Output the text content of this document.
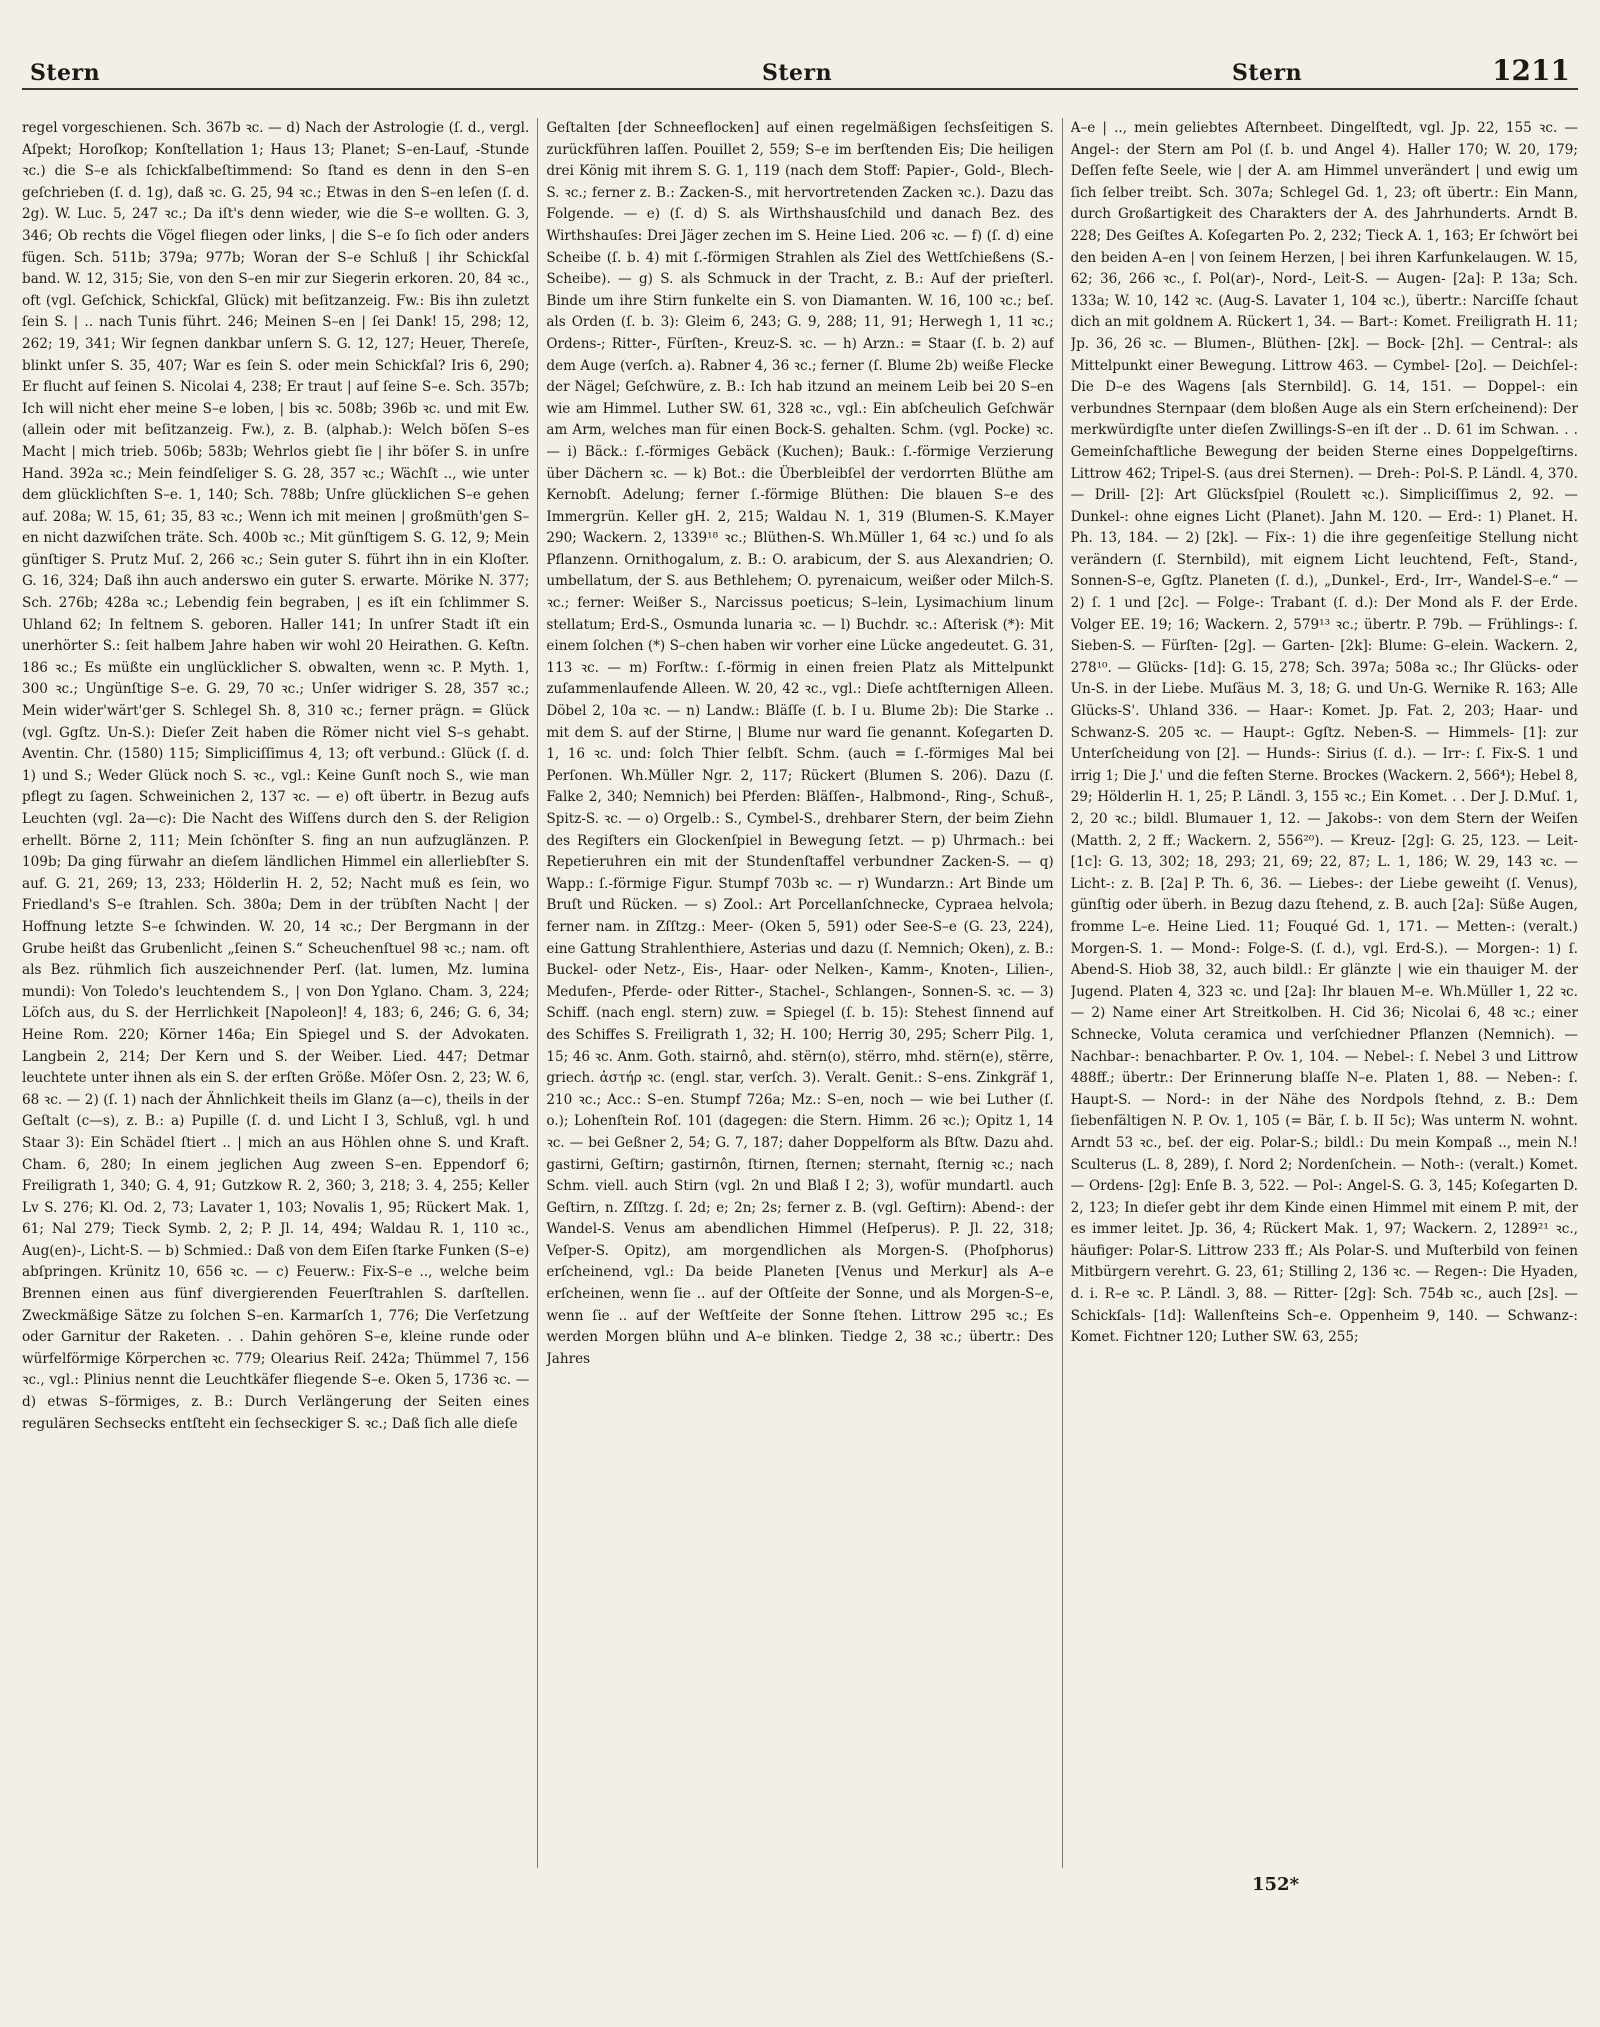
Stern	Stern	Stern	1211

regel vorgeschienen. Sch. 367b ꝛc. — d) Nach der Astrologie (ſ. d., vergl. Aſpekt; Horoſkop; Konſtellation 1; Haus 13; Planet; S–en-Lauf, -Stunde ꝛc.) die S–e als ſchickſalbeſtimmend: So ſtand es denn in den S–en geſchrieben (ſ. d. 1g), daß ꝛc. G. 25, 94 ꝛc.; Etwas in den S–en leſen (ſ. d. 2g). W. Luc. 5, 247 ꝛc.; Da iſt's denn wieder, wie die S–e wollten. G. 3, 346; Ob rechts die Vögel fliegen oder links, | die S–e ſo ſich oder anders fügen. Sch. 511b; 379a; 977b; Woran der S–e Schluß | ihr Schickſal band. W. 12, 315; Sie, von den S–en mir zur Siegerin erkoren. 20, 84 ꝛc., oft (vgl. Geſchick, Schickſal, Glück) mit beſitzanzeig. Fw.: Bis ihn zuletzt ſein S. | .. nach Tunis führt. 246; Meinen S–en | ſei Dank! 15, 298; 12, 262; 19, 341; Wir ſegnen dankbar unſern S. G. 12, 127; Heuer, Thereſe, blinkt unſer S. 35, 407; War es ſein S. oder mein Schickſal? Iris 6, 290; Er flucht auf ſeinen S. Nicolai 4, 238; Er traut | auf ſeine S–e. Sch. 357b; Ich will nicht eher meine S–e loben, | bis ꝛc. 508b; 396b ꝛc. und mit Ew. (allein oder mit beſitzanzeig. Fw.), z. B. (alphab.): Welch böſen S–es Macht | mich trieb. 506b; 583b; Wehrlos giebt ſie | ihr böſer S. in unſre Hand. 392a ꝛc.; Mein feindſeliger S. G. 28, 357 ꝛc.; Wächſt .., wie unter dem glücklichſten S–e. 1, 140; Sch. 788b; Unſre glücklichen S–e gehen auf. 208a; W. 15, 61; 35, 83 ꝛc.; Wenn ich mit meinen | großmüth'gen S–en nicht dazwiſchen träte. Sch. 400b ꝛc.; Mit günſtigem S. G. 12, 9; Mein günſtiger S. Prutz Muſ. 2, 266 ꝛc.; Sein guter S. führt ihn in ein Kloſter. G. 16, 324; Daß ihn auch anderswo ein guter S. erwarte. Mörike N. 377; Sch. 276b; 428a ꝛc.; Lebendig fein begraben, | es iſt ein ſchlimmer S. Uhland 62; In feltnem S. geboren. Haller 141; In unſrer Stadt iſt ein unerhörter S.: ſeit halbem Jahre haben wir wohl 20 Heirathen. G. Keſtn. 186 ꝛc.; Es müßte ein unglücklicher S. obwalten, wenn ꝛc. P. Myth. 1, 300 ꝛc.; Ungünſtige S–e. G. 29, 70 ꝛc.; Unſer widriger S. 28, 357 ꝛc.; Mein wider'wärt'ger S. Schlegel Sh. 8, 310 ꝛc.; ferner prägn. = Glück (vgl. Ggſtz. Un-S.): Dieſer Zeit haben die Römer nicht viel S–s gehabt. Aventin. Chr. (1580) 115; Simpliciſſimus 4, 13; oft verbund.: Glück (ſ. d. 1) und S.; Weder Glück noch S. ꝛc., vgl.: Keine Gunſt noch S., wie man pflegt zu ſagen. Schweinichen 2, 137 ꝛc. — e) oft übertr. in Bezug aufs Leuchten (vgl. 2a—c): Die Nacht des Wiſſens durch den S. der Religion erhellt. Börne 2, 111; Mein ſchönſter S. fing an nun aufzuglänzen. P. 109b; Da ging fürwahr an dieſem ländlichen Himmel ein allerliebſter S. auf. G. 21, 269; 13, 233; Hölderlin H. 2, 52; Nacht muß es ſein, wo Friedland's S–e ſtrahlen. Sch. 380a; Dem in der trübſten Nacht | der Hoffnung letzte S–e ſchwinden. W. 20, 14 ꝛc.; Der Bergmann in der Grube heißt das Grubenlicht „ſeinen S.“ Scheuchenſtuel 98 ꝛc.; nam. oft als Bez. rühmlich ſich auszeichnender Perſ. (lat. lumen, Mz. lumina mundi): Von Toledo's leuchtendem S., | von Don Yglano. Cham. 3, 224; Löſch aus, du S. der Herrlichkeit [Napoleon]! 4, 183; 6, 246; G. 6, 34; Heine Rom. 220; Körner 146a; Ein Spiegel und S. der Advokaten. Langbein 2, 214; Der Kern und S. der Weiber. Lied. 447; Detmar leuchtete unter ihnen als ein S. der erſten Größe. Möſer Osn. 2, 23; W. 6, 68 ꝛc. — 2) (ſ. 1) nach der Ähnlichkeit theils im Glanz (a—c), theils in der Geſtalt (c—s), z. B.: a) Pupille (ſ. d. und Licht I 3, Schluß, vgl. h und Staar 3): Ein Schädel ſtiert .. | mich an aus Höhlen ohne S. und Kraft. Cham. 6, 280; In einem jeglichen Aug zween S–en. Eppendorf 6; Freiligrath 1, 340; G. 4, 91; Gutzkow R. 2, 360; 3, 218; 3. 4, 255; Keller Lv S. 276; Kl. Od. 2, 73; Lavater 1, 103; Novalis 1, 95; Rückert Mak. 1, 61; Nal 279; Tieck Symb. 2, 2; P. Jl. 14, 494; Waldau R. 1, 110 ꝛc., Aug(en)-, Licht-S. — b) Schmied.: Daß von dem Eiſen ſtarke Funken (S–e) abſpringen. Krünitz 10, 656 ꝛc. — c) Feuerw.: Fix-S–e .., welche beim Brennen einen aus fünf divergierenden Feuerſtrahlen S. darſtellen. Zweckmäßige Sätze zu ſolchen S–en. Karmarſch 1, 776; Die Verſetzung oder Garnitur der Raketen. . . Dahin gehören S–e, kleine runde oder würfelförmige Körperchen ꝛc. 779; Olearius Reiſ. 242a; Thümmel 7, 156 ꝛc., vgl.: Plinius nennt die Leuchtkäfer fliegende S–e. Oken 5, 1736 ꝛc. — d) etwas S–förmiges, z. B.: Durch Verlängerung der Seiten eines regulären Sechsecks entſteht ein ſechseckiger S. ꝛc.; Daß ſich alle dieſe

Geſtalten [der Schneeflocken] auf einen regelmäßigen ſechsſeitigen S. zurückführen laſſen. Pouillet 2, 559; S–e im berſtenden Eis; Die heiligen drei König mit ihrem S. G. 1, 119 (nach dem Stoff: Papier-, Gold-, Blech-S. ꝛc.; ferner z. B.: Zacken-S., mit hervortretenden Zacken ꝛc.). Dazu das Folgende. — e) (ſ. d) S. als Wirthshausſchild und danach Bez. des Wirthshauſes: Drei Jäger zechen im S. Heine Lied. 206 ꝛc. — f) (ſ. d) eine Scheibe (ſ. b. 4) mit ſ.-förmigen Strahlen als Ziel des Wettſchießens (S.-Scheibe). — g) S. als Schmuck in der Tracht, z. B.: Auf der prieſterl. Binde um ihre Stirn funkelte ein S. von Diamanten. W. 16, 100 ꝛc.; beſ. als Orden (ſ. b. 3): Gleim 6, 243; G. 9, 288; 11, 91; Herwegh 1, 11 ꝛc.; Ordens-; Ritter-, Fürſten-, Kreuz-S. ꝛc. — h) Arzn.: = Staar (ſ. b. 2) auf dem Auge (verſch. a). Rabner 4, 36 ꝛc.; ferner (ſ. Blume 2b) weiße Flecke der Nägel; Geſchwüre, z. B.: Ich hab itzund an meinem Leib bei 20 S–en wie am Himmel. Luther SW. 61, 328 ꝛc., vgl.: Ein abſcheulich Geſchwär am Arm, welches man für einen Bock-S. gehalten. Schm. (vgl. Pocke) ꝛc. — i) Bäck.: ſ.-förmiges Gebäck (Kuchen); Bauk.: ſ.-förmige Verzierung über Dächern ꝛc. — k) Bot.: die Überbleibſel der verdorrten Blüthe am Kernobſt. Adelung; ferner ſ.-förmige Blüthen: Die blauen S–e des Immergrün. Keller gH. 2, 215; Waldau N. 1, 319 (Blumen-S. K.Mayer 290; Wackern. 2, 1339¹⁸ ꝛc.; Blüthen-S. Wh.Müller 1, 64 ꝛc.) und ſo als Pflanzenn. Ornithogalum, z. B.: O. arabicum, der S. aus Alexandrien; O. umbellatum, der S. aus Bethlehem; O. pyrenaicum, weißer oder Milch-S. ꝛc.; ferner: Weißer S., Narcissus poeticus; S–lein, Lysimachium linum stellatum; Erd-S., Osmunda lunaria ꝛc. — l) Buchdr. ꝛc.: Aſterisk (*): Mit einem ſolchen (*) S–chen haben wir vorher eine Lücke angedeutet. G. 31, 113 ꝛc. — m) Forſtw.: ſ.-förmig in einen freien Platz als Mittelpunkt zuſammenlaufende Alleen. W. 20, 42 ꝛc., vgl.: Dieſe achtſternigen Alleen. Döbel 2, 10a ꝛc. — n) Landw.: Bläſſe (ſ. b. I u. Blume 2b): Die Starke .. mit dem S. auf der Stirne, | Blume nur ward ſie genannt. Koſegarten D. 1, 16 ꝛc. und: ſolch Thier ſelbſt. Schm. (auch = ſ.-förmiges Mal bei Perſonen. Wh.Müller Ngr. 2, 117; Rückert (Blumen S. 206). Dazu (ſ. Falke 2, 340; Nemnich) bei Pferden: Bläſſen-, Halbmond-, Ring-, Schuß-, Spitz-S. ꝛc. — o) Orgelb.: S., Cymbel-S., drehbarer Stern, der beim Ziehn des Regiſters ein Glockenſpiel in Bewegung ſetzt. — p) Uhrmach.: bei Repetieruhren ein mit der Stundenſtaffel verbundner Zacken-S. — q) Wapp.: ſ.-förmige Figur. Stumpf 703b ꝛc. — r) Wundarzn.: Art Binde um Bruſt und Rücken. — s) Zool.: Art Porcellanſchnecke, Cypraea helvola; ferner nam. in Zſſtzg.: Meer- (Oken 5, 591) oder See-S–e (G. 23, 224), eine Gattung Strahlenthiere, Asterias und dazu (ſ. Nemnich; Oken), z. B.: Buckel- oder Netz-, Eis-, Haar- oder Nelken-, Kamm-, Knoten-, Lilien-, Medufen-, Pferde- oder Ritter-, Stachel-, Schlangen-, Sonnen-S. ꝛc. — 3) Schiff. (nach engl. stern) zuw. = Spiegel (ſ. b. 15): Stehest ſinnend auf des Schiffes S. Freiligrath 1, 32; H. 100; Herrig 30, 295; Scherr Pilg. 1, 15; 46 ꝛc. Anm. Goth. stairnô, ahd. stërn(o), stërro, mhd. stërn(e), stërre, griech. ἀστήρ ꝛc. (engl. star, verſch. 3). Veralt. Genit.: S–ens. Zinkgräf 1, 210 ꝛc.; Acc.: S–en. Stumpf 726a; Mz.: S–en, noch — wie bei Luther (ſ. o.); Lohenſtein Roſ. 101 (dagegen: die Stern. Himm. 26 ꝛc.); Opitz 1, 14 ꝛc. — bei Geßner 2, 54; G. 7, 187; daher Doppelform als Bſtw. Dazu ahd. gastirni, Geſtirn; gastirnôn, ſtirnen, ſternen; sternaht, ſternig ꝛc.; nach Schm. viell. auch Stirn (vgl. 2n und Blaß I 2; 3), wofür mundartl. auch Geſtirn, n. Zſſtzg. ſ. 2d; e; 2n; 2s; ferner z. B. (vgl. Geſtirn): Abend-: der Wandel-S. Venus am abendlichen Himmel (Heſperus). P. Jl. 22, 318; Veſper-S. Opitz), am morgendlichen als Morgen-S. (Phoſphorus) erſcheinend, vgl.: Da beide Planeten [Venus und Merkur] als A–e erſcheinen, wenn ſie .. auf der Oſtſeite der Sonne, und als Morgen-S–e, wenn ſie .. auf der Weſtſeite der Sonne ſtehen. Littrow 295 ꝛc.; Es werden Morgen blühn und A–e blinken. Tiedge 2, 38 ꝛc.; übertr.: Des Jahres

A–e | .., mein geliebtes Aſternbeet. Dingelſtedt, vgl. Jp. 22, 155 ꝛc. — Angel-: der Stern am Pol (ſ. b. und Angel 4). Haller 170; W. 20, 179; Deſſen feſte Seele, wie | der A. am Himmel unverändert | und ewig um ſich ſelber treibt. Sch. 307a; Schlegel Gd. 1, 23; oft übertr.: Ein Mann, durch Großartigkeit des Charakters der A. des Jahrhunderts. Arndt B. 228; Des Geiſtes A. Koſegarten Po. 2, 232; Tieck A. 1, 163; Er ſchwört bei den beiden A–en | von ſeinem Herzen, | bei ihren Karfunkelaugen. W. 15, 62; 36, 266 ꝛc., ſ. Pol(ar)-, Nord-, Leit-S. — Augen- [2a]: P. 13a; Sch. 133a; W. 10, 142 ꝛc. (Aug-S. Lavater 1, 104 ꝛc.), übertr.: Narciſſe ſchaut dich an mit goldnem A. Rückert 1, 34. — Bart-: Komet. Freiligrath H. 11; Jp. 36, 26 ꝛc. — Blumen-, Blüthen- [2k]. — Bock- [2h]. — Central-: als Mittelpunkt einer Bewegung. Littrow 463. — Cymbel- [2o]. — Deichſel-: Die D–e des Wagens [als Sternbild]. G. 14, 151. — Doppel-: ein verbundnes Sternpaar (dem bloßen Auge als ein Stern erſcheinend): Der merkwürdigſte unter dieſen Zwillings-S–en iſt der .. D. 61 im Schwan. . . Gemeinſchaftliche Bewegung der beiden Sterne eines Doppelgeſtirns. Littrow 462; Tripel-S. (aus drei Sternen). — Dreh-: Pol-S. P. Ländl. 4, 370. — Drill- [2]: Art Glücksſpiel (Roulett ꝛc.). Simpliciſſimus 2, 92. — Dunkel-: ohne eignes Licht (Planet). Jahn M. 120. — Erd-: 1) Planet. H. Ph. 13, 184. — 2) [2k]. — Fix-: 1) die ihre gegenſeitige Stellung nicht verändern (ſ. Sternbild), mit eignem Licht leuchtend, Feſt-, Stand-, Sonnen-S–e, Ggſtz. Planeten (ſ. d.), „Dunkel-, Erd-, Irr-, Wandel-S–e.“ — 2) ſ. 1 und [2c]. — Folge-: Trabant (ſ. d.): Der Mond als F. der Erde. Volger EE. 19; 16; Wackern. 2, 579¹³ ꝛc.; übertr. P. 79b. — Frühlings-: ſ. Sieben-S. — Fürſten- [2g]. — Garten- [2k]: Blume: G–elein. Wackern. 2, 278¹⁰. — Glücks- [1d]: G. 15, 278; Sch. 397a; 508a ꝛc.; Ihr Glücks- oder Un-S. in der Liebe. Muſäus M. 3, 18; G. und Un-G. Wernike R. 163; Alle Glücks-S'. Uhland 336. — Haar-: Komet. Jp. Fat. 2, 203; Haar- und Schwanz-S. 205 ꝛc. — Haupt-: Ggſtz. Neben-S. — Himmels- [1]: zur Unterſcheidung von [2]. — Hunds-: Sirius (ſ. d.). — Irr-: ſ. Fix-S. 1 und irrig 1; Die J.' und die feſten Sterne. Brockes (Wackern. 2, 566⁴); Hebel 8, 29; Hölderlin H. 1, 25; P. Ländl. 3, 155 ꝛc.; Ein Komet. . . Der J. D.Muſ. 1, 2, 20 ꝛc.; bildl. Blumauer 1, 12. — Jakobs-: von dem Stern der Weiſen (Matth. 2, 2 ff.; Wackern. 2, 556²⁰). — Kreuz- [2g]: G. 25, 123. — Leit- [1c]: G. 13, 302; 18, 293; 21, 69; 22, 87; L. 1, 186; W. 29, 143 ꝛc. — Licht-: z. B. [2a] P. Th. 6, 36. — Liebes-: der Liebe geweiht (ſ. Venus), günſtig oder überh. in Bezug dazu ſtehend, z. B. auch [2a]: Süße Augen, fromme L–e. Heine Lied. 11; Fouqué Gd. 1, 171. — Metten-: (veralt.) Morgen-S. 1. — Mond-: Folge-S. (ſ. d.), vgl. Erd-S.). — Morgen-: 1) ſ. Abend-S. Hiob 38, 32, auch bildl.: Er glänzte | wie ein thauiger M. der Jugend. Platen 4, 323 ꝛc. und [2a]: Ihr blauen M–e. Wh.Müller 1, 22 ꝛc. — 2) Name einer Art Streitkolben. H. Cid 36; Nicolai 6, 48 ꝛc.; einer Schnecke, Voluta ceramica und verſchiedner Pflanzen (Nemnich). — Nachbar-: benachbarter. P. Ov. 1, 104. — Nebel-: ſ. Nebel 3 und Littrow 488ff.; übertr.: Der Erinnerung blaſſe N–e. Platen 1, 88. — Neben-: ſ. Haupt-S. — Nord-: in der Nähe des Nordpols ſtehnd, z. B.: Dem ſiebenfältigen N. P. Ov. 1, 105 (= Bär, ſ. b. II 5c); Was unterm N. wohnt. Arndt 53 ꝛc., beſ. der eig. Polar-S.; bildl.: Du mein Kompaß .., mein N.! Sculterus (L. 8, 289), ſ. Nord 2; Nordenſchein. — Noth-: (veralt.) Komet. — Ordens- [2g]: Enſe B. 3, 522. — Pol-: Angel-S. G. 3, 145; Koſegarten D. 2, 123; In dieſer gebt ihr dem Kinde einen Himmel mit einem P. mit, der es immer leitet. Jp. 36, 4; Rückert Mak. 1, 97; Wackern. 2, 1289²¹ ꝛc., häufiger: Polar-S. Littrow 233 ff.; Als Polar-S. und Muſterbild von feinen Mitbürgern verehrt. G. 23, 61; Stilling 2, 136 ꝛc. — Regen-: Die Hyaden, d. i. R–e ꝛc. P. Ländl. 3, 88. — Ritter- [2g]: Sch. 754b ꝛc., auch [2s]. — Schickſals- [1d]: Wallenſteins Sch–e. Oppenheim 9, 140. — Schwanz-: Komet. Fichtner 120; Luther SW. 63, 255;

152*
